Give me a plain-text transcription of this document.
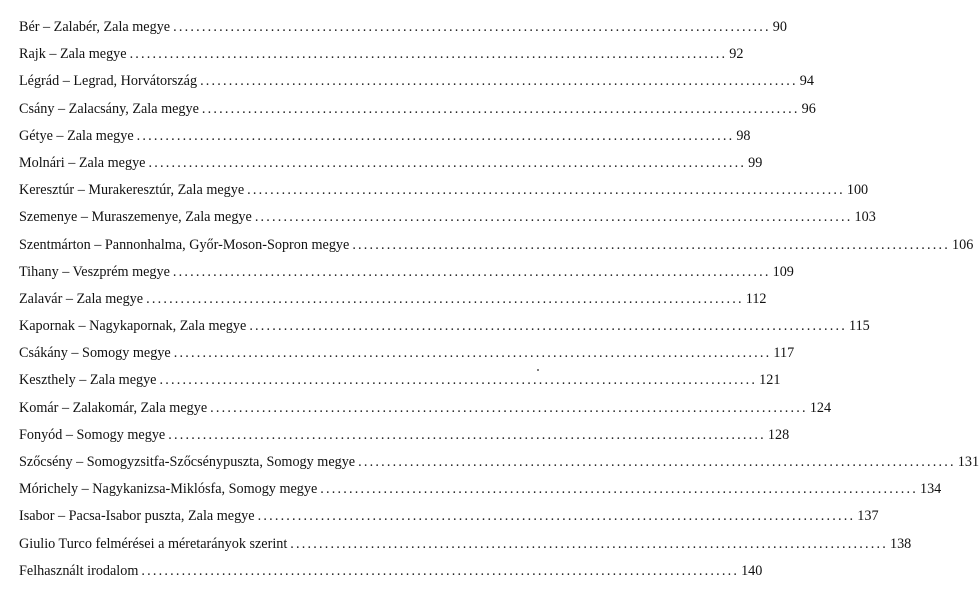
Bér – Zalabér, Zala megye ........................................................................................................ 90
Rajk – Zala megye ........................................................................................................ 92
Légrád – Legrad, Horvátország ........................................................................................................ 94
Csány – Zalacsány, Zala megye ........................................................................................................ 96
Gétye – Zala megye ........................................................................................................ 98
Molnári – Zala megye ........................................................................................................ 99
Keresztúr – Murakeresztúr, Zala megye ........................................................................................................ 100
Szemenye – Muraszemenye, Zala megye ........................................................................................................ 103
Szentmárton – Pannonhalma, Győr-Moson-Sopron megye ........................................................................................................ 106
Tihany – Veszprém megye ........................................................................................................ 109
Zalavár – Zala megye ........................................................................................................ 112
Kapornak – Nagykapornak, Zala megye ........................................................................................................ 115
Csákány – Somogy megye ........................................................................................................ 117
Keszthely – Zala megye ........................................................................................................ 121
Komár – Zalakomár, Zala megye ........................................................................................................ 124
Fonyód – Somogy megye ........................................................................................................ 128
Szőcsény – Somogyzsitfa-Szőcsénypuszta, Somogy megye ........................................................................................................ 131
Mórichely – Nagykanizsa-Miklósfa, Somogy megye ........................................................................................................ 134
Isabor – Pacsa-Isabor puszta, Zala megye ........................................................................................................ 137
Giulio Turco felmérései a méretarányok szerint ........................................................................................................ 138
Felhasznált irodalom ........................................................................................................ 140
